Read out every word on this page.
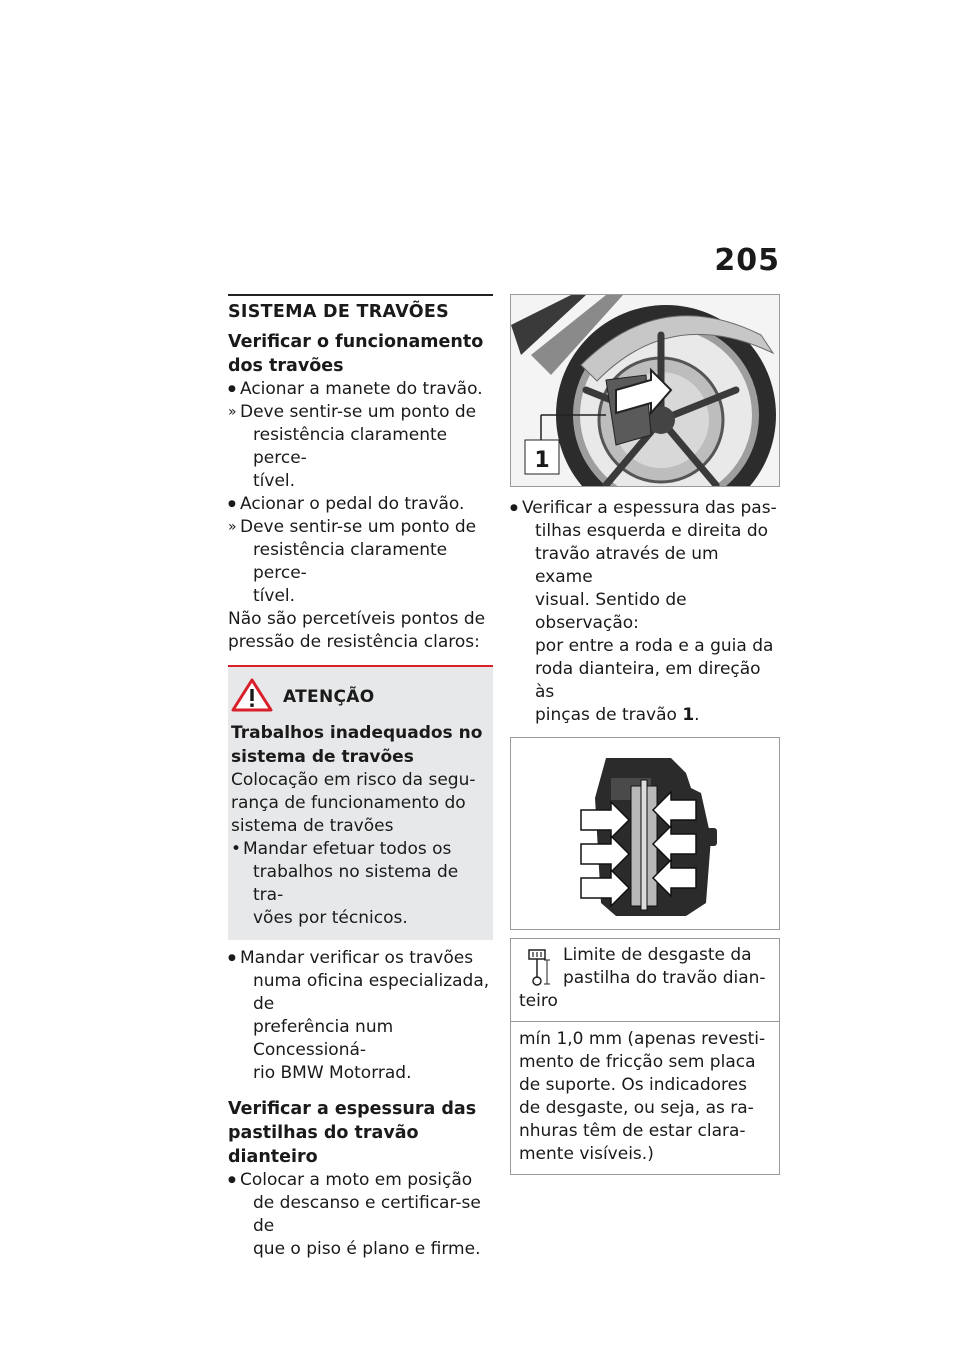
205
SISTEMA DE TRAVÕES
Verificar o funcionamento dos travões
● Acionar a manete do travão.
» Deve sentir-se um ponto de
resistência claramente perce-
tível.
● Acionar o pedal do travão.
» Deve sentir-se um ponto de
resistência claramente perce-
tível.
Não são percetíveis pontos de pressão de resistência claros:
ATENÇÃO
Trabalhos inadequados no sistema de travões
Colocação em risco da segu-rança de funcionamento do sistema de travões
• Mandar efetuar todos os
trabalhos no sistema de tra-
vões por técnicos.
● Mandar verificar os travões
numa oficina especializada, de
preferência num Concessioná-
rio BMW Motorrad.
Verificar a espessura das pastilhas do travão dianteiro
● Colocar a moto em posição
de descanso e certificar-se de
que o piso é plano e firme.
1
● Verificar a espessura das pas-
tilhas esquerda e direita do
travão através de um exame
visual. Sentido de observação:
por entre a roda e a guia da
roda dianteira, em direção às
pinças de travão 1.
Limite de desgaste da pastilha do travão dian-teiro
mín 1,0 mm (apenas revesti-mento de fricção sem placa de suporte. Os indicadores de desgaste, ou seja, as ra-nhuras têm de estar clara-mente visíveis.)
